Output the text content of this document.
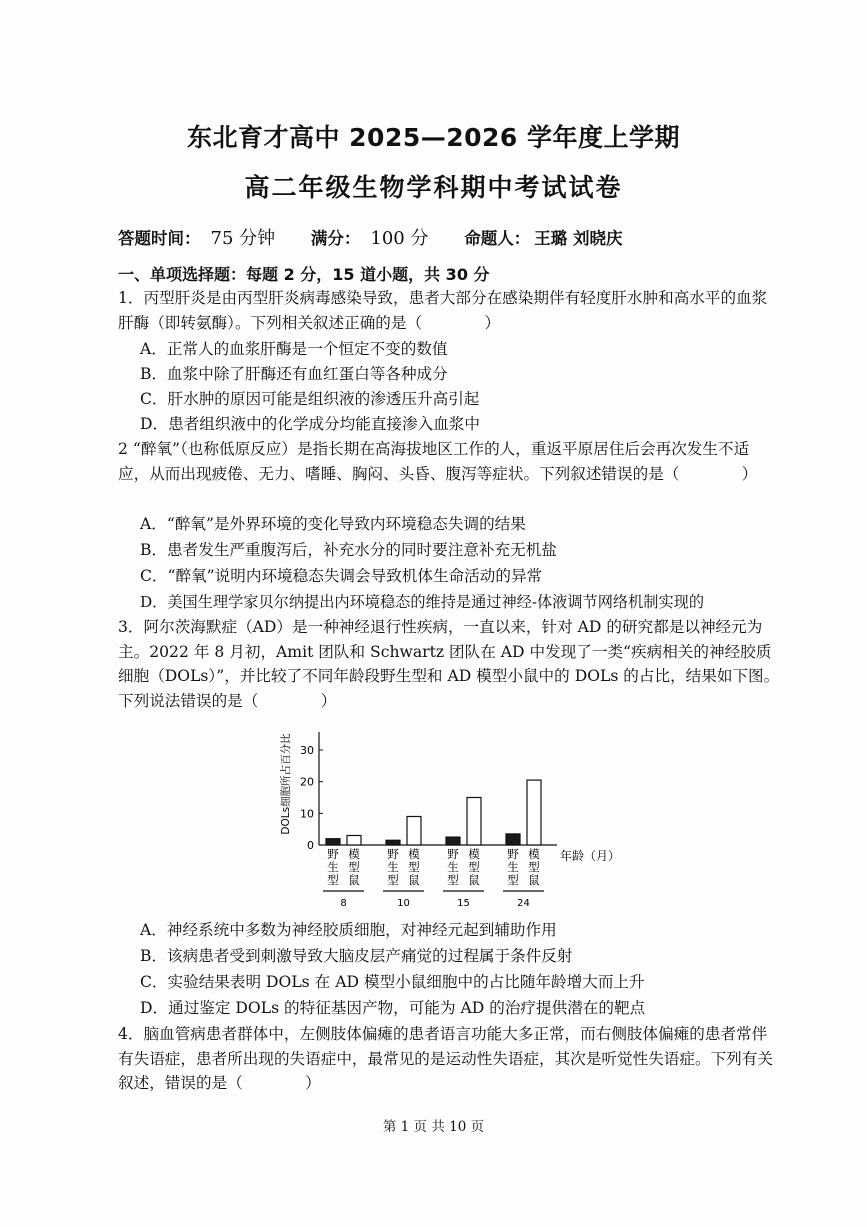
东北育才高中 2025—2026 学年度上学期
高二年级生物学科期中考试试卷
答题时间： 75 分钟 满分： 100 分 命题人： 王璐 刘晓庆
一、单项选择题：每题 2 分，15 道小题，共 30 分
1．丙型肝炎是由丙型肝炎病毒感染导致，患者大部分在感染期伴有轻度肝水肿和高水平的血浆肝酶（即转氨酶）。下列相关叙述正确的是（　　　　）
A．正常人的血浆肝酶是一个恒定不变的数值
B．血浆中除了肝酶还有血红蛋白等各种成分
C．肝水肿的原因可能是组织液的渗透压升高引起
D．患者组织液中的化学成分均能直接渗入血浆中
2 “醉氧”（也称低原反应）是指长期在高海拔地区工作的人，重返平原居住后会再次发生不适应，从而出现疲倦、无力、嗜睡、胸闷、头昏、腹泻等症状。下列叙述错误的是（　　　　）
A．“醉氧”是外界环境的变化导致内环境稳态失调的结果
B．患者发生严重腹泻后，补充水分的同时要注意补充无机盐
C．“醉氧”说明内环境稳态失调会导致机体生命活动的异常
D．美国生理学家贝尔纳提出内环境稳态的维持是通过神经-体液调节网络机制实现的
3．阿尔茨海默症（AD）是一种神经退行性疾病，一直以来，针对 AD 的研究都是以神经元为主。2022 年 8 月初，Amit 团队和 Schwartz 团队在 AD 中发现了一类“疾病相关的神经胶质细胞（DOLs）”，并比较了不同年龄段野生型和 AD 模型小鼠中的 DOLs 的占比，结果如下图。下列说法错误的是（　　　　）
DOLs细胞所占百分比
0
10
20
30
野生型
模型鼠
8
野生型
模型鼠
10
野生型
模型鼠
15
野生型
模型鼠
24
年龄（月）
A．神经系统中多数为神经胶质细胞，对神经元起到辅助作用
B．该病患者受到刺激导致大脑皮层产痛觉的过程属于条件反射
C．实验结果表明 DOLs 在 AD 模型小鼠细胞中的占比随年龄增大而上升
D．通过鉴定 DOLs 的特征基因产物，可能为 AD 的治疗提供潜在的靶点
4．脑血管病患者群体中，左侧肢体偏瘫的患者语言功能大多正常，而右侧肢体偏瘫的患者常伴有失语症，患者所出现的失语症中，最常见的是运动性失语症，其次是听觉性失语症。下列有关叙述，错误的是（　　　　）
第 1 页 共 10 页
